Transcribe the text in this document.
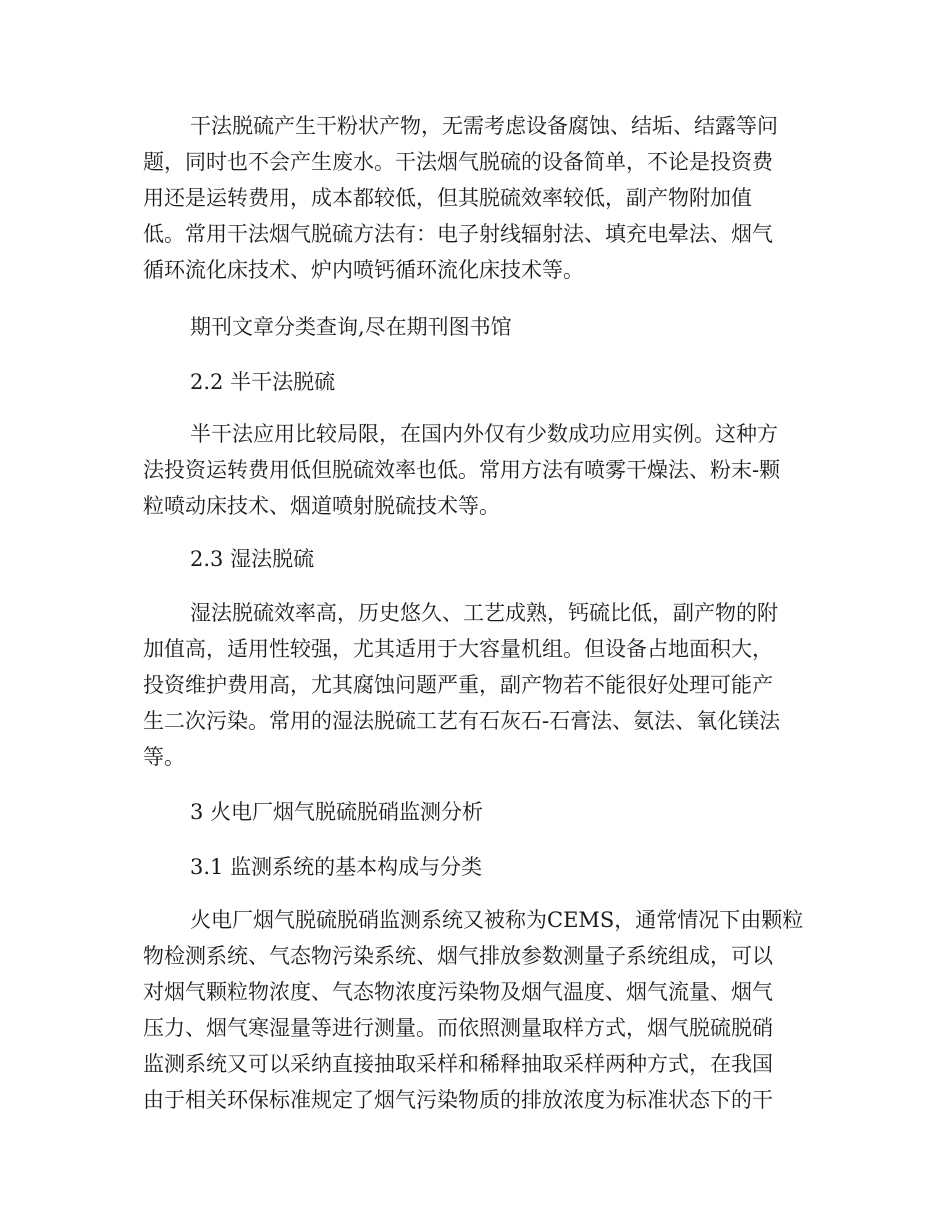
干法脱硫产生干粉状产物，无需考虑设备腐蚀、结垢、结露等问
题，同时也不会产生废水。干法烟气脱硫的设备简单，不论是投资费
用还是运转费用，成本都较低，但其脱硫效率较低，副产物附加值
低。常用干法烟气脱硫方法有：电子射线辐射法、填充电晕法、烟气
循环流化床技术、炉内喷钙循环流化床技术等。
期刊文章分类查询,尽在期刊图书馆
2.2 半干法脱硫
半干法应用比较局限，在国内外仅有少数成功应用实例。这种方
法投资运转费用低但脱硫效率也低。常用方法有喷雾干燥法、粉末-颗
粒喷动床技术、烟道喷射脱硫技术等。
2.3 湿法脱硫
湿法脱硫效率高，历史悠久、工艺成熟，钙硫比低，副产物的附
加值高，适用性较强，尤其适用于大容量机组。但设备占地面积大，
投资维护费用高，尤其腐蚀问题严重，副产物若不能很好处理可能产
生二次污染。常用的湿法脱硫工艺有石灰石-石膏法、氨法、氧化镁法
等。
3 火电厂烟气脱硫脱硝监测分析
3.1 监测系统的基本构成与分类
火电厂烟气脱硫脱硝监测系统又被称为CEMS，通常情况下由颗粒
物检测系统、气态物污染系统、烟气排放参数测量子系统组成，可以
对烟气颗粒物浓度、气态物浓度污染物及烟气温度、烟气流量、烟气
压力、烟气寒湿量等进行测量。而依照测量取样方式，烟气脱硫脱硝
监测系统又可以采纳直接抽取采样和稀释抽取采样两种方式，在我国
由于相关环保标准规定了烟气污染物质的排放浓度为标准状态下的干
